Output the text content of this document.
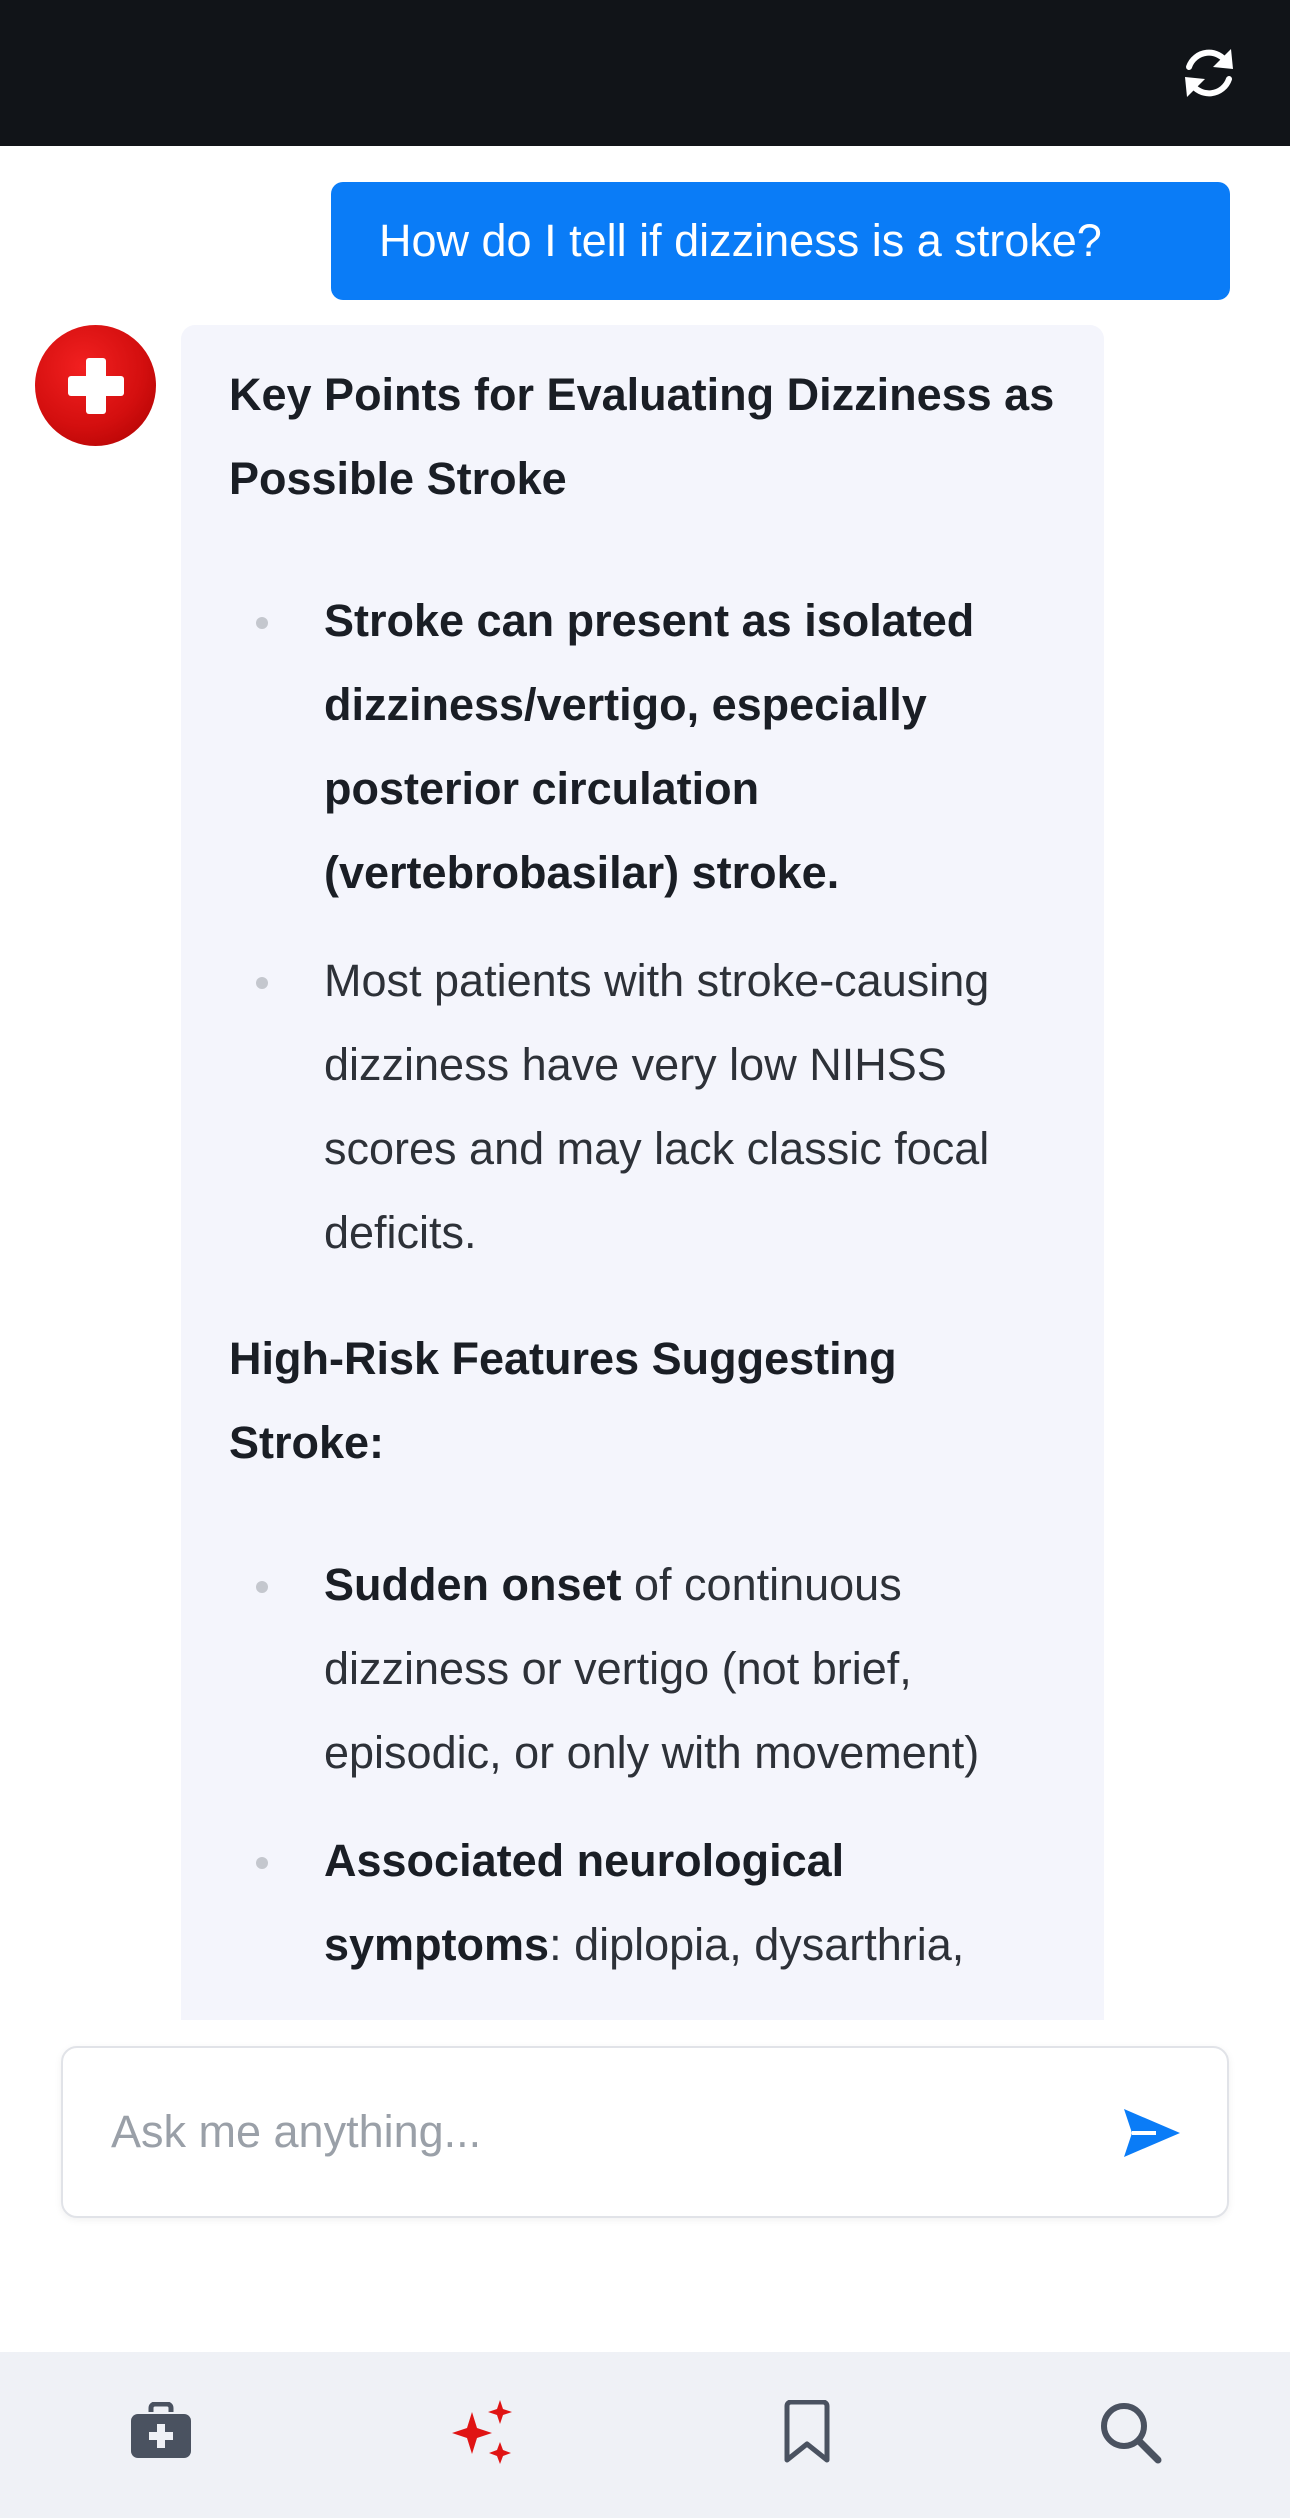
How do I tell if dizziness is a stroke?
Key Points for Evaluating Dizziness as Possible Stroke
Stroke can present as isolated dizziness/vertigo, especially posterior circulation (vertebrobasilar) stroke.
Most patients with stroke-causing dizziness have very low NIHSS scores and may lack classic focal deficits.
High-Risk Features Suggesting Stroke:
Sudden onset of continuous dizziness or vertigo (not brief, episodic, or only with movement)
Associated neurological symptoms: diplopia, dysarthria,
Ask me anything...
